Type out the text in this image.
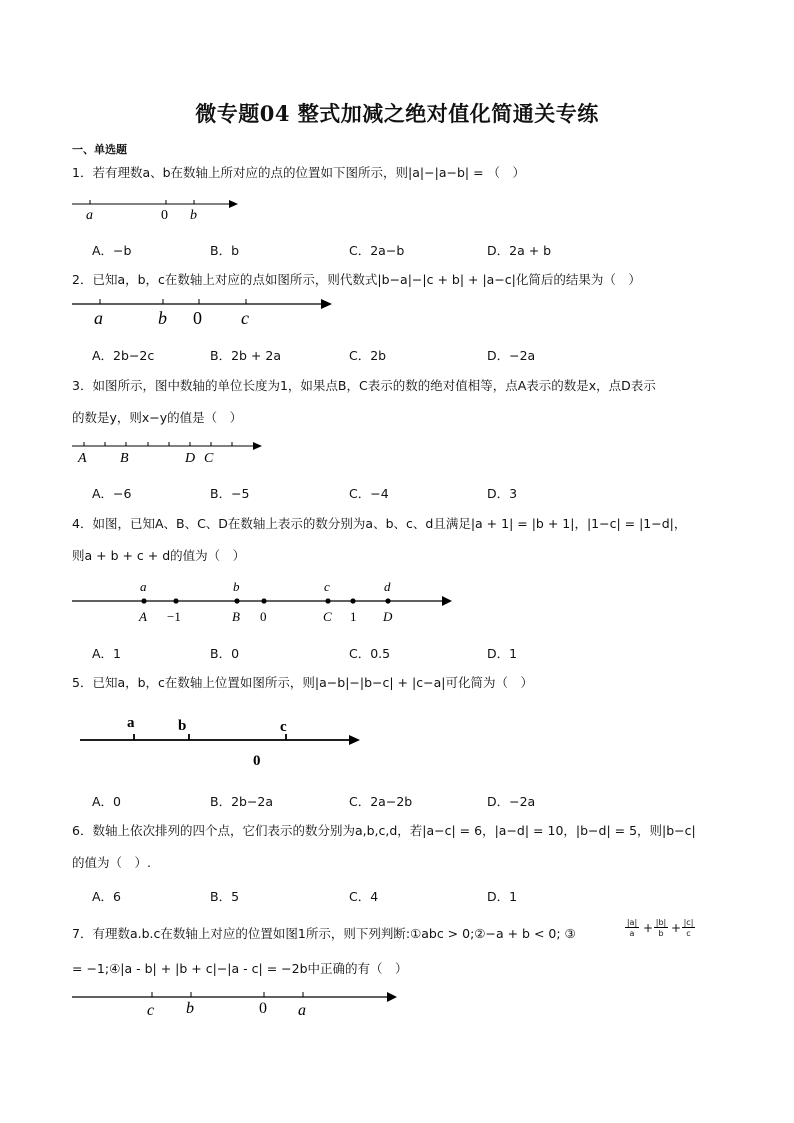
微专题04 整式加减之绝对值化简通关专练
一、单选题
1．若有理数a、b在数轴上所对应的点的位置如下图所示，则|a|−|a−b| = （　）
a	0 b
A．−b	B．b	C．2a−b	D．2a + b
2．已知a，b，c在数轴上对应的点如图所示，则代数式|b−a|−|c + b| + |a−c|化简后的结果为（　）
a	b 0 c
A．2b−2c	B．2b + 2a	C．2b	D．−2a
3．如图所示，图中数轴的单位长度为1，如果点B，C表示的数的绝对值相等，点A表示的数是x，点D表示
的数是y，则x−y的值是（　）
A B	D C
A．−6	B．−5	C．−4	D．3
4．如图，已知A、B、C、D在数轴上表示的数分别为a、b、c、d且满足|a + 1| = |b + 1|，|1−c| = |1−d|，
则a + b + c + d的值为（　）
a	b	c	d
A −1	B 0	C 1 D
A．1	B．0	C．0.5	D．1
5．已知a，b，c在数轴上位置如图所示，则|a−b|−|b−c| + |c−a|可化简为（　）
a	b	c
0
A．0	B．2b−2a	C．2a−2b	D．−2a
6．数轴上依次排列的四个点，它们表示的数分别为a,b,c,d，若|a−c| = 6，|a−d| = 10，|b−d| = 5，则|b−c|
的值为（　）.
A．6	B．5	C．4	D．1
7．有理数a.b.c在数轴上对应的位置如图1所示，则下列判断:①abc > 0;②−a + b < 0; ③
|a|
a + |b|
b + |c|
c
= −1;④|a - b| + |b + c|−|a - c| = −2b中正确的有（　）
c b	0 a
